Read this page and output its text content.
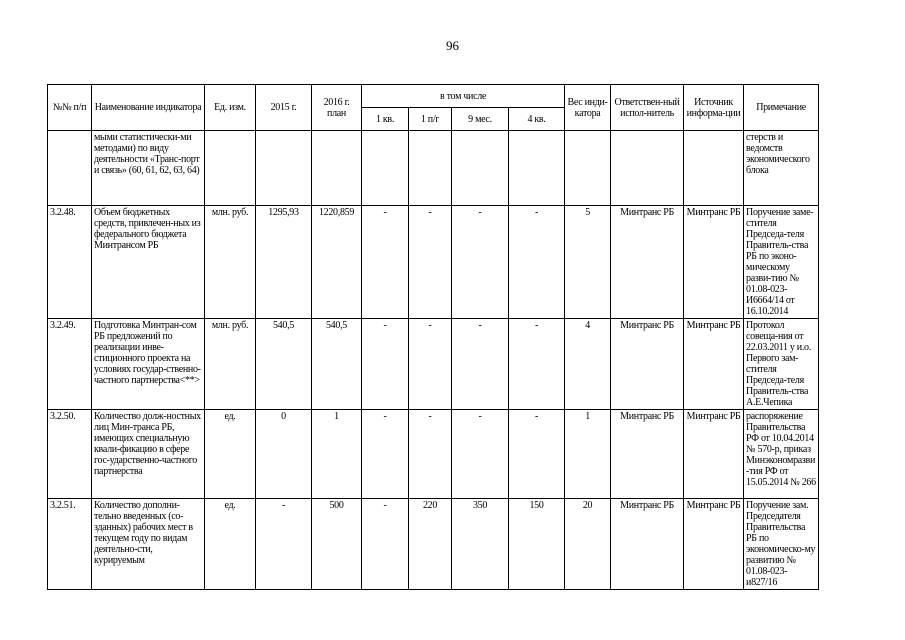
96
№№ п/п	Наименование индикатора	Ед. изм.	2015 г.	2016 г. план	в том числе				Вес инди-катора	Ответствен-ный испол-нитель	Источник информа-ции	Примечание
					1 кв.	1 п/г	9 мес.	4 кв.				
	мыми статистически-ми методами) по виду деятельности «Транс-порт и связь» (60, 61, 62, 63, 64)											стерств и ведомств экономического блока
3.2.48.	Объем бюджетных средств, привлечен-ных из федерального бюджета Минтрансом РБ	млн. руб.	1295,93	1220,859	-	-	-	-	5	Минтранс РБ	Минтранс РБ	Поручение заме-стителя Председа-теля Правитель-ства РБ по эконо-мическому разви-тию № 01.08-023-И6664/14 от 16.10.2014
3.2.49.	Подготовка Минтран-сом РБ предложений по реализации инве-стиционного проекта на условиях государ-ственно-частного партнерства<**>	млн. руб.	540,5	540,5	-	-	-	-	4	Минтранс РБ	Минтранс РБ	Протокол совеща-ния от 22.03.2011 у и.о. Первого зам-стителя Председа-теля Правитель-ства А.Е.Чепика
3.2.50.	Количество долж-ностных лиц Мин-транса РБ, имеющих специальную квали-фикацию в сфере гос-ударственно-частного партнерства	ед.	0	1	-	-	-	-	1	Минтранс РБ	Минтранс РБ	распоряжение Правительства РФ от 10.04.2014 № 570-р, приказ Минэкономразви-тия РФ от 15.05.2014 № 266
3.2.51.	Количество дополни-тельно введенных (со-зданных) рабочих мест в текущем году по видам деятельно-сти, курируемым	ед.	-	500	-	220	350	150	20	Минтранс РБ	Минтранс РБ	Поручение зам. Председателя Правительства РБ по экономическо-му развитию № 01.08-023-и827/16
